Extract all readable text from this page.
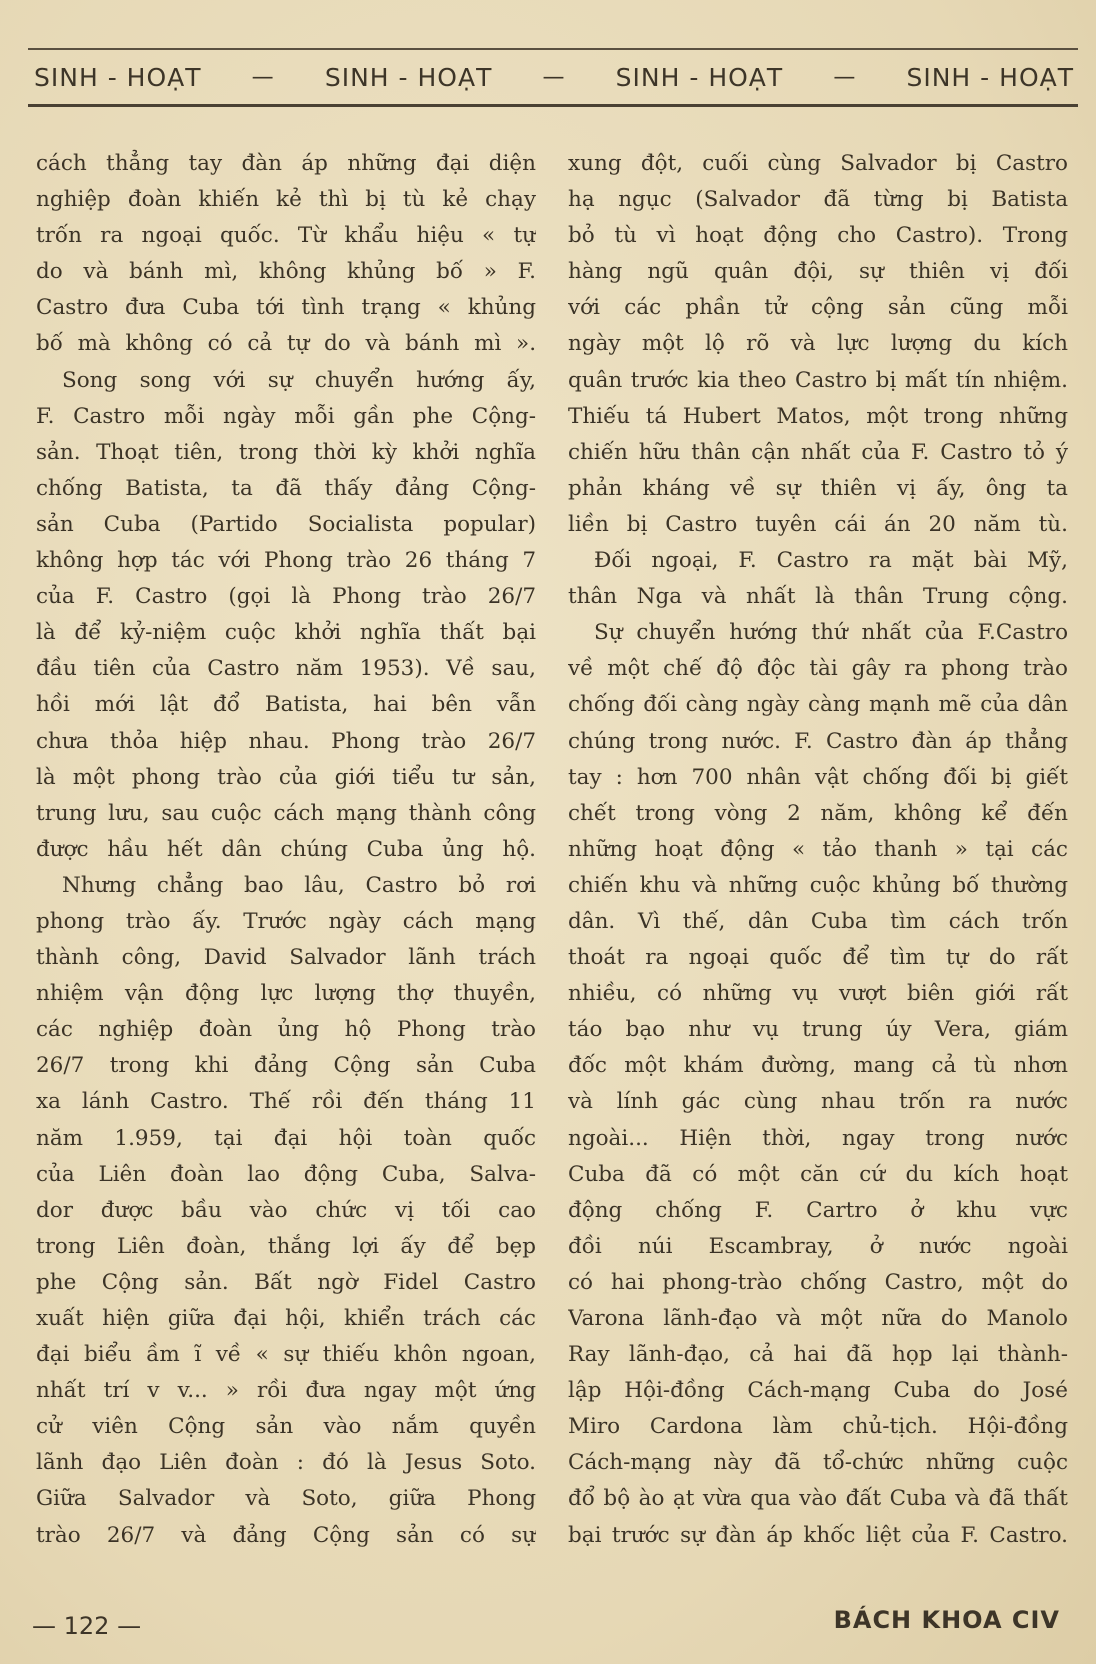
SINH - HOẠT — SINH - HOẠT — SINH - HOẠT — SINH - HOẠT
cách thẳng tay đàn áp những đại diện
nghiệp đoàn khiến kẻ thì bị tù kẻ chạy
trốn ra ngoại quốc. Từ khẩu hiệu « tự
do và bánh mì, không khủng bố » F.
Castro đưa Cuba tới tình trạng « khủng
bố mà không có cả tự do và bánh mì ».
Song song với sự chuyển hướng ấy,
F. Castro mỗi ngày mỗi gần phe Cộng-
sản. Thoạt tiên, trong thời kỳ khởi nghĩa
chống Batista, ta đã thấy đảng Cộng-
sản Cuba (Partido Socialista popular)
không hợp tác với Phong trào 26 tháng 7
của F. Castro (gọi là Phong trào 26/7
là để kỷ-niệm cuộc khởi nghĩa thất bại
đầu tiên của Castro năm 1953). Về sau,
hồi mới lật đổ Batista, hai bên vẫn
chưa thỏa hiệp nhau. Phong trào 26/7
là một phong trào của giới tiểu tư sản,
trung lưu, sau cuộc cách mạng thành công
được hầu hết dân chúng Cuba ủng hộ.
Nhưng chẳng bao lâu, Castro bỏ rơi
phong trào ấy. Trước ngày cách mạng
thành công, David Salvador lãnh trách
nhiệm vận động lực lượng thợ thuyền,
các nghiệp đoàn ủng hộ Phong trào
26/7 trong khi đảng Cộng sản Cuba
xa lánh Castro. Thế rồi đến tháng 11
năm 1.959, tại đại hội toàn quốc
của Liên đoàn lao động Cuba, Salva-
dor được bầu vào chức vị tối cao
trong Liên đoàn, thắng lợi ấy để bẹp
phe Cộng sản. Bất ngờ Fidel Castro
xuất hiện giữa đại hội, khiển trách các
đại biểu ầm ĩ về « sự thiếu khôn ngoan,
nhất trí v v... » rồi đưa ngay một ứng
cử viên Cộng sản vào nắm quyền
lãnh đạo Liên đoàn : đó là Jesus Soto.
Giữa Salvador và Soto, giữa Phong
trào 26/7 và đảng Cộng sản có sự
xung đột, cuối cùng Salvador bị Castro
hạ ngục (Salvador đã từng bị Batista
bỏ tù vì hoạt động cho Castro). Trong
hàng ngũ quân đội, sự thiên vị đối
với các phần tử cộng sản cũng mỗi
ngày một lộ rõ và lực lượng du kích
quân trước kia theo Castro bị mất tín nhiệm.
Thiếu tá Hubert Matos, một trong những
chiến hữu thân cận nhất của F. Castro tỏ ý
phản kháng về sự thiên vị ấy, ông ta
liền bị Castro tuyên cái án 20 năm tù.
Đối ngoại, F. Castro ra mặt bài Mỹ,
thân Nga và nhất là thân Trung cộng.
Sự chuyển hướng thứ nhất của F.Castro
về một chế độ độc tài gây ra phong trào
chống đối càng ngày càng mạnh mẽ của dân
chúng trong nước. F. Castro đàn áp thẳng
tay : hơn 700 nhân vật chống đối bị giết
chết trong vòng 2 năm, không kể đến
những hoạt động « tảo thanh » tại các
chiến khu và những cuộc khủng bố thường
dân. Vì thế, dân Cuba tìm cách trốn
thoát ra ngoại quốc để tìm tự do rất
nhiều, có những vụ vượt biên giới rất
táo bạo như vụ trung úy Vera, giám
đốc một khám đường, mang cả tù nhơn
và lính gác cùng nhau trốn ra nước
ngoài... Hiện thời, ngay trong nước
Cuba đã có một căn cứ du kích hoạt
động chống F. Cartro ở khu vực
đồi núi Escambray, ở nước ngoài
có hai phong-trào chống Castro, một do
Varona lãnh-đạo và một nữa do Manolo
Ray lãnh-đạo, cả hai đã họp lại thành-
lập Hội-đồng Cách-mạng Cuba do José
Miro Cardona làm chủ-tịch. Hội-đồng
Cách-mạng này đã tổ-chức những cuộc
đổ bộ ào ạt vừa qua vào đất Cuba và đã thất
bại trước sự đàn áp khốc liệt của F. Castro.
— 122 —	BÁCH KHOA CIV
